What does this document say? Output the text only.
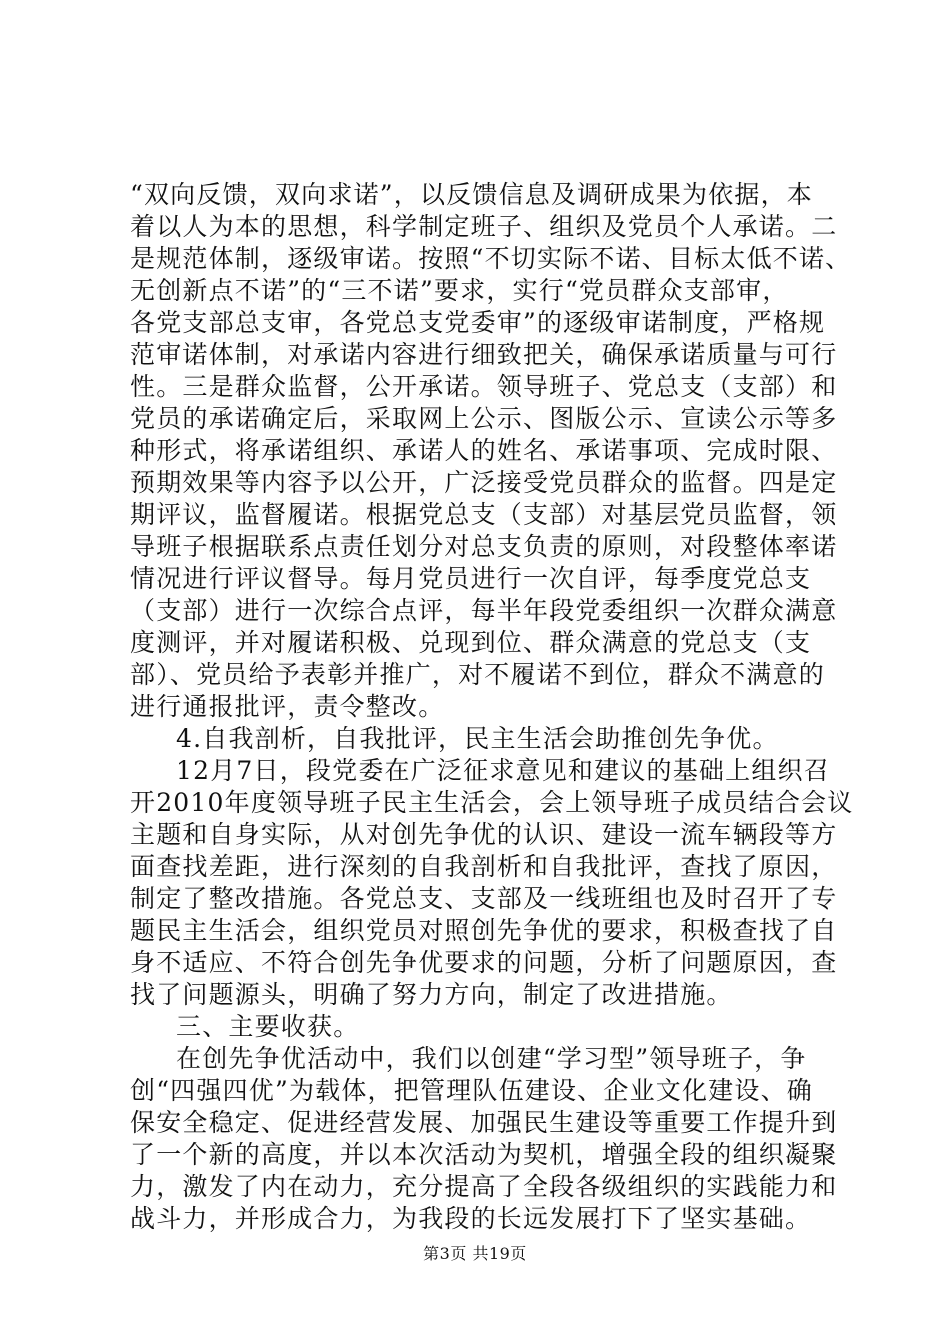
“双向反馈，双向求诺”，以反馈信息及调研成果为依据，本
着以人为本的思想，科学制定班子、组织及党员个人承诺。二
是规范体制，逐级审诺。按照“不切实际不诺、目标太低不诺、
无创新点不诺”的“三不诺”要求，实行“党员群众支部审，
各党支部总支审，各党总支党委审”的逐级审诺制度，严格规
范审诺体制，对承诺内容进行细致把关，确保承诺质量与可行
性。三是群众监督，公开承诺。领导班子、党总支（支部）和
党员的承诺确定后，采取网上公示、图版公示、宣读公示等多
种形式，将承诺组织、承诺人的姓名、承诺事项、完成时限、
预期效果等内容予以公开，广泛接受党员群众的监督。四是定
期评议，监督履诺。根据党总支（支部）对基层党员监督，领
导班子根据联系点责任划分对总支负责的原则，对段整体率诺
情况进行评议督导。每月党员进行一次自评，每季度党总支
（支部）进行一次综合点评，每半年段党委组织一次群众满意
度测评，并对履诺积极、兑现到位、群众满意的党总支（支
部）、党员给予表彰并推广，对不履诺不到位，群众不满意的
进行通报批评，责令整改。
4.自我剖析，自我批评，民主生活会助推创先争优。
12月7日，段党委在广泛征求意见和建议的基础上组织召
开2010年度领导班子民主生活会，会上领导班子成员结合会议
主题和自身实际，从对创先争优的认识、建设一流车辆段等方
面查找差距，进行深刻的自我剖析和自我批评，查找了原因，
制定了整改措施。各党总支、支部及一线班组也及时召开了专
题民主生活会，组织党员对照创先争优的要求，积极查找了自
身不适应、不符合创先争优要求的问题，分析了问题原因，查
找了问题源头，明确了努力方向，制定了改进措施。
三、主要收获。
在创先争优活动中，我们以创建“学习型”领导班子，争
创“四强四优”为载体，把管理队伍建设、企业文化建设、确
保安全稳定、促进经营发展、加强民生建设等重要工作提升到
了一个新的高度，并以本次活动为契机，增强全段的组织凝聚
力，激发了内在动力，充分提高了全段各级组织的实践能力和
战斗力，并形成合力，为我段的长远发展打下了坚实基础。
第3页 共19页
